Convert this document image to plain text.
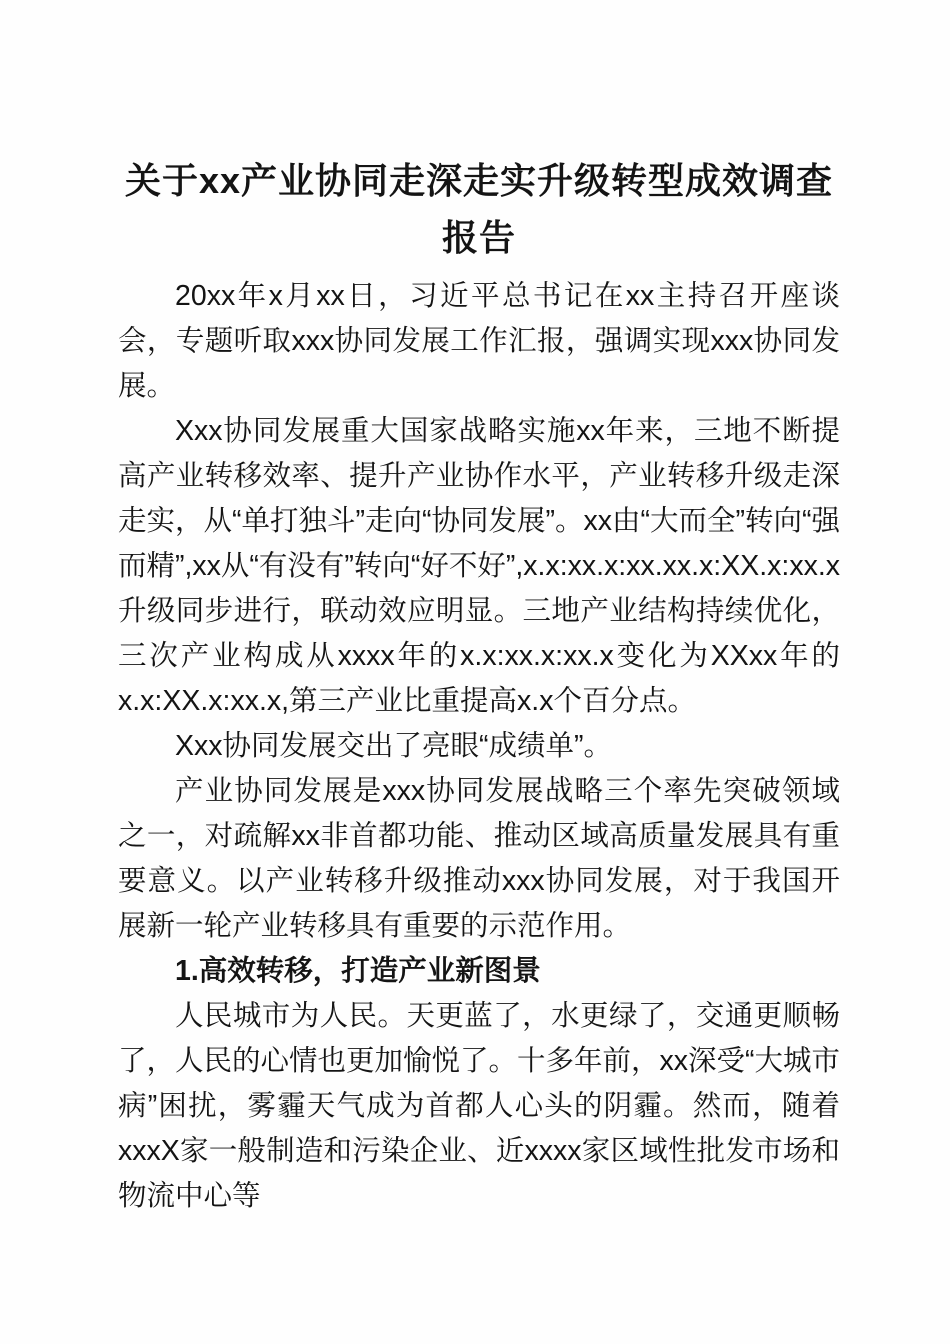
关于xx产业协同走深走实升级转型成效调查报告

20xx年x月xx日，习近平总书记在xx主持召开座谈会，专题听取xxx协同发展工作汇报，强调实现xxx协同发展。

Xxx协同发展重大国家战略实施xx年来，三地不断提高产业转移效率、提升产业协作水平，产业转移升级走深走实，从“单打独斗”走向“协同发展”。xx由“大而全”转向“强而精”,xx从“有没有”转向“好不好”,x.x:xx.x:xx.xx.x:XX.x:xx.x升级同步进行，联动效应明显。三地产业结构持续优化，三次产业构成从xxxx年的x.x:xx.x:xx.x变化为XXxx年的x.x:XX.x:xx.x,第三产业比重提高x.x个百分点。

Xxx协同发展交出了亮眼“成绩单”。

产业协同发展是xxx协同发展战略三个率先突破领域之一，对疏解xx非首都功能、推动区域高质量发展具有重要意义。以产业转移升级推动xxx协同发展，对于我国开展新一轮产业转移具有重要的示范作用。

1.高效转移，打造产业新图景

人民城市为人民。天更蓝了，水更绿了，交通更顺畅了，人民的心情也更加愉悦了。十多年前，xx深受“大城市病”困扰，雾霾天气成为首都人心头的阴霾。然而，随着xxxX家一般制造和污染企业、近xxxx家区域性批发市场和物流中心等
